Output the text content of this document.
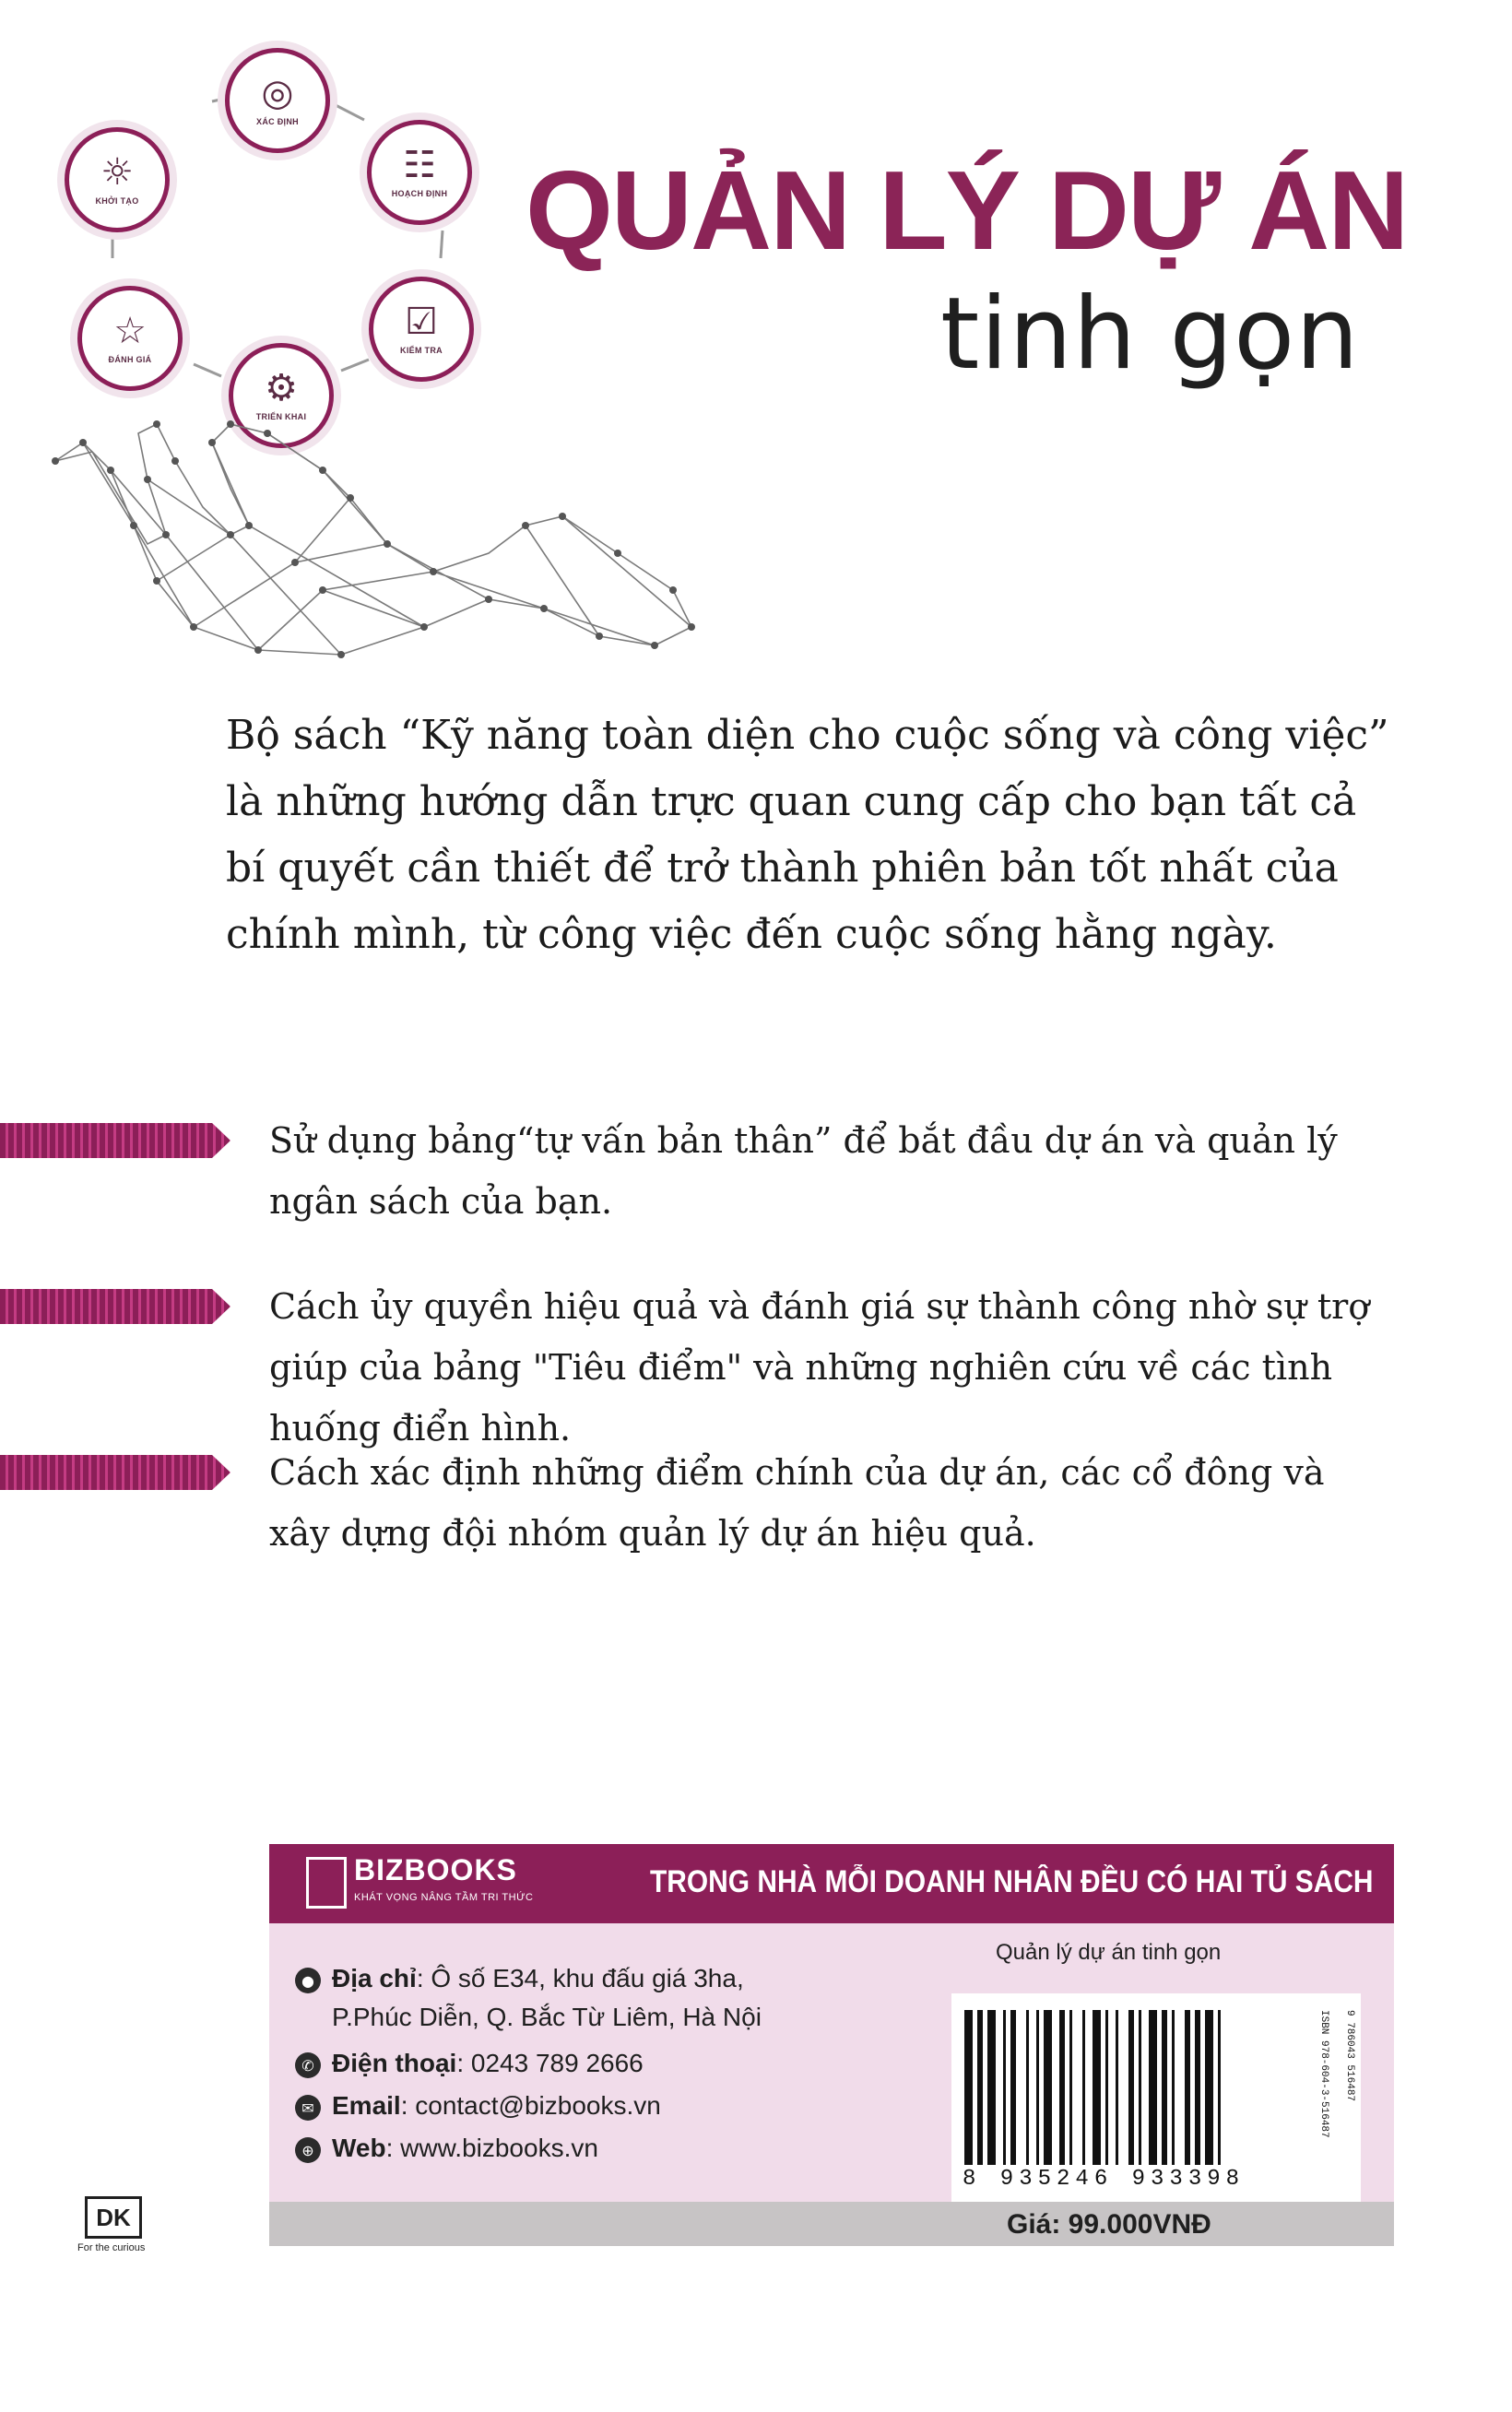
◎
XÁC ĐỊNH
☷
HOẠCH ĐỊNH
☑
KIỂM TRA
⚙
TRIỂN KHAI
☆
ĐÁNH GIÁ
☼
KHỞI TẠO	QUẢN LÝ DỰ ÁN
tinh gọn
Bộ sách “Kỹ năng toàn diện cho cuộc sống và công việc” là những hướng dẫn trực quan cung cấp cho bạn tất cả bí quyết cần thiết để trở thành phiên bản tốt nhất của chính mình, từ công việc đến cuộc sống hằng ngày.
Sử dụng bảng“tự vấn bản thân” để bắt đầu dự án và quản lý ngân sách của bạn.
Cách ủy quyền hiệu quả và đánh giá sự thành công nhờ sự trợ giúp của bảng "Tiêu điểm" và những nghiên cứu về các tình huống điển hình.
Cách xác định những điểm chính của dự án, các cổ đông và xây dựng đội nhóm quản lý dự án hiệu quả.
BIZBOOKS
KHÁT VỌNG NÂNG TẦM TRI THỨC	TRONG NHÀ MỖI DOANH NHÂN ĐỀU CÓ HAI TỦ SÁCH
● Địa chỉ: Ô số E34, khu đấu giá 3ha,
P.Phúc Diễn, Q. Bắc Từ Liêm, Hà Nội
✆ Điện thoại: 0243 789 2666
✉ Email: contact@bizbooks.vn
⊕ Web: www.bizbooks.vn
Quản lý dự án tinh gọn
8 935246 933398
ISBN 978-604-3-516487 9 786043 516487
Giá: 99.000VNĐ
DK
For the curious
